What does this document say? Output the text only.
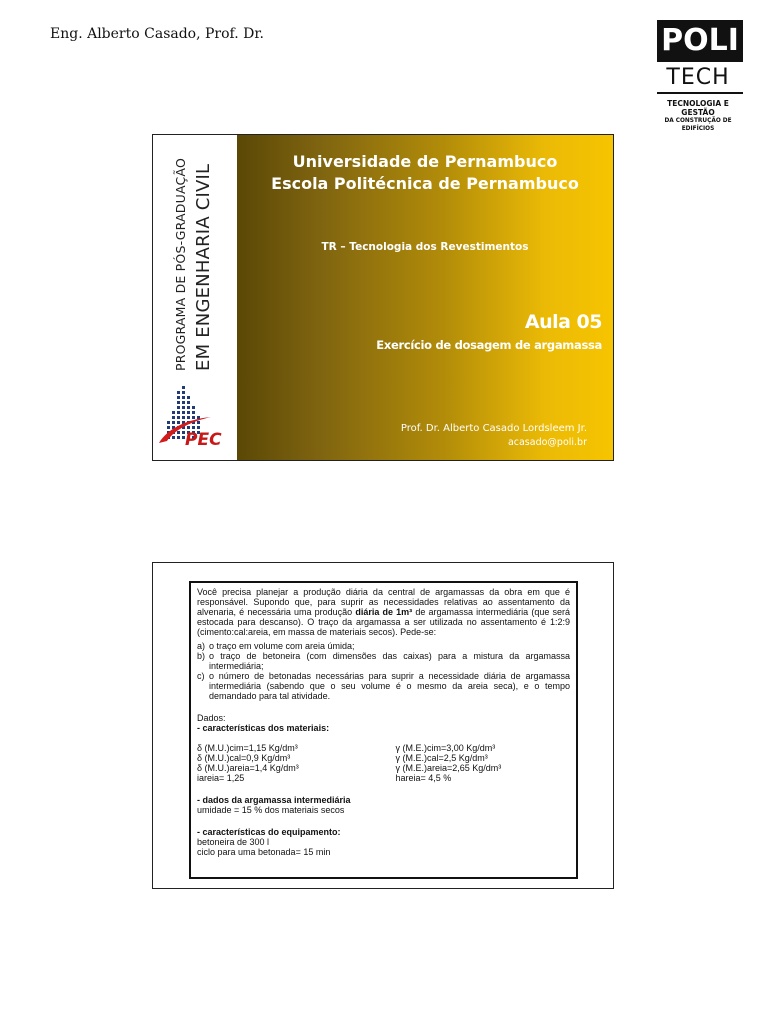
Eng. Alberto Casado, Prof. Dr.	POLI
TECH
TECNOLOGIA E GESTÃO
DA CONSTRUÇÃO DE EDIFÍCIOS
PROGRAMA DE PÓS-GRADUAÇÃO EM ENGENHARIA CIVIL
PEC
Universidade de Pernambuco
Escola Politécnica de Pernambuco
TR – Tecnologia dos Revestimentos
Aula 05
Exercício de dosagem de argamassa
Prof. Dr. Alberto Casado Lordsleem Jr.
acasado@poli.br

Você precisa planejar a produção diária da central de argamassas da obra em que é responsável. Supondo que, para suprir as necessidades relativas ao assentamento da alvenaria, é necessária uma produção diária de 1m³ de argamassa intermediária (que será estocada para descanso). O traço da argamassa a ser utilizada no assentamento é 1:2:9 (cimento:cal:areia, em massa de materiais secos). Pede-se:

a) o traço em volume com areia úmida;
b) o traço de betoneira (com dimensões das caixas) para a mistura da argamassa intermediária;
c) o número de betonadas necessárias para suprir a necessidade diária de argamassa intermediária (sabendo que o seu volume é o mesmo da areia seca), e o tempo demandado para tal atividade.

Dados:

- características dos materiais:

δ (M.U.)cim=1,15 Kg/dm³

δ (M.U.)cal=0,9 Kg/dm³

δ (M.U.)areia=1,4 Kg/dm³

iareia= 1,25

γ (M.E.)cim=3,00 Kg/dm³

γ (M.E.)cal=2,5 Kg/dm³

γ (M.E.)areia=2,65 Kg/dm³

hareia= 4,5 %

- dados da argamassa intermediária

umidade = 15 % dos materiais secos

- características do equipamento:

betoneira de 300 l

ciclo para uma betonada= 15 min
